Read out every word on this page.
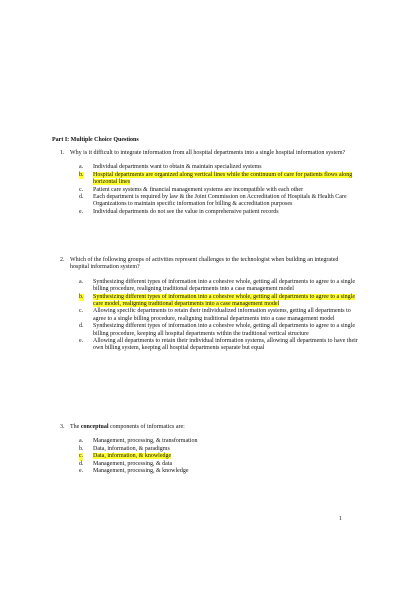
Part I: Multiple Choice Questions
1. Why is it difficult to integrate information from all hospital departments into a single hospital information system?
a. Individual departments want to obtain & maintain specialized systems
b. Hospital departments are organized along vertical lines while the continuum of care for patients flows along horizontal lines
c. Patient care systems & financial management systems are incompatible with each other
d. Each department is required by law & the Joint Commission on Accreditation of Hospitals & Health Care Organizations to maintain specific information for billing & accreditation purposes
e. Individual departments do not see the value in comprehensive patient records
2. Which of the following groups of activities represent challenges to the technologist when building an integrated hospital information system?
a. Synthesizing different types of information into a cohesive whole, getting all departments to agree to a single billing procedure, realigning traditional departments into a case management model
b. Synthesizing different types of information into a cohesive whole, getting all departments to agree to a single care model, realigning traditional departments into a case management model
c. Allowing specific departments to retain their individualized information systems, getting all departments to agree to a single billing procedure, realigning traditional departments into a case management model
d. Synthesizing different types of information into a cohesive whole, getting all departments to agree to a single billing procedure, keeping all hospital departments within the traditional vertical structure
e. Allowing all departments to retain their individual information systems, allowing all departments to have their own billing system, keeping all hospital departments separate but equal
3. The conceptual components of informatics are:
a. Management, processing, & transformation
b. Data, information, & paradigms
c. Data, information, & knowledge
d. Management, processing, & data
e. Management, processing, & knowledge
1
